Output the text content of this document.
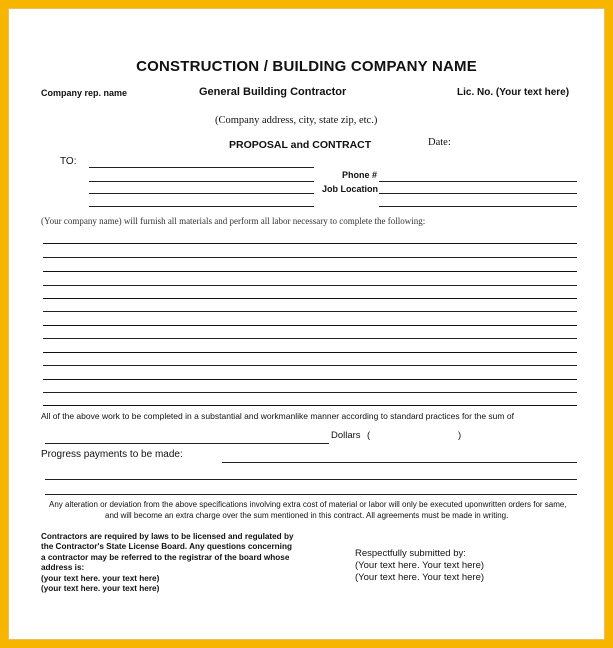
CONSTRUCTION / BUILDING COMPANY NAME
Company rep. name	General Building Contractor	Lic. No. (Your text here)
(Company address, city, state zip, etc.)
PROPOSAL and CONTRACT	Date:
TO:
Phone #
Job Location
(Your company name) will furnish all materials and perform all labor necessary to complete the following:
All of the above work to be completed in a substantial and workmanlike manner according to standard practices for the sum of
Dollars (	)
Progress payments to be made:
Any alteration or deviation from the above specifications involving extra cost of material or labor will only be executed uponwritten orders for same,
and will become an extra charge over the sum mentioned in this contract. All agreements must be made in writing.
Contractors are required by laws to be licensed and regulated by
the Contractor's State License Board. Any questions concerning
a contractor may be referred to the registrar of the board whose
address is:
(your text here. your text here)
(your text here. your text here)
Respectfully submitted by:
(Your text here. Your text here)
(Your text here. Your text here)
